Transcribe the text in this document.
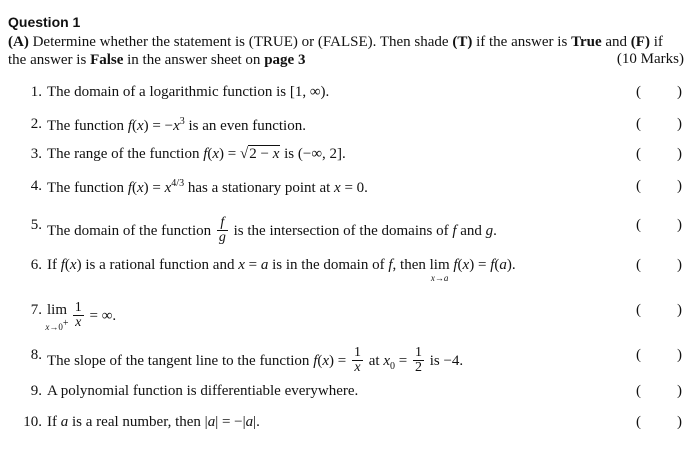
Question 1
(A) Determine whether the statement is (TRUE) or (FALSE). Then shade (T) if the answer is True and (F) if the answer is False in the answer sheet on page 3	(10 Marks)
1. The domain of a logarithmic function is [1, ∞).	( )
2. The function $f(x) = -x^3$ is an even function.	( )
3. The range of the function f(x) = √2 − x is (−∞, 2].	( )
4. The function $f(x) = x^{4/3}$ has a stationary point at x = 0.	( )
5. The domain of the function $\frac{f}{g}$ is the intersection of the domains of f and g.	( )
6. If f(x) is a rational function and x = a is in the domain of f, then lim
x→a
f(x) = f(a).	( )
7. lim
x→0+
$\frac{1}{x}$ = ∞.	( )
8. The slope of the tangent line to the function $f(x) = \frac{1}{x}$ at $x_0 = \frac{1}{2}$ is −4.	( )
9. A polynomial function is differentiable everywhere.	( )
10. If a is a real number, then |a| = −|a|.	( )
